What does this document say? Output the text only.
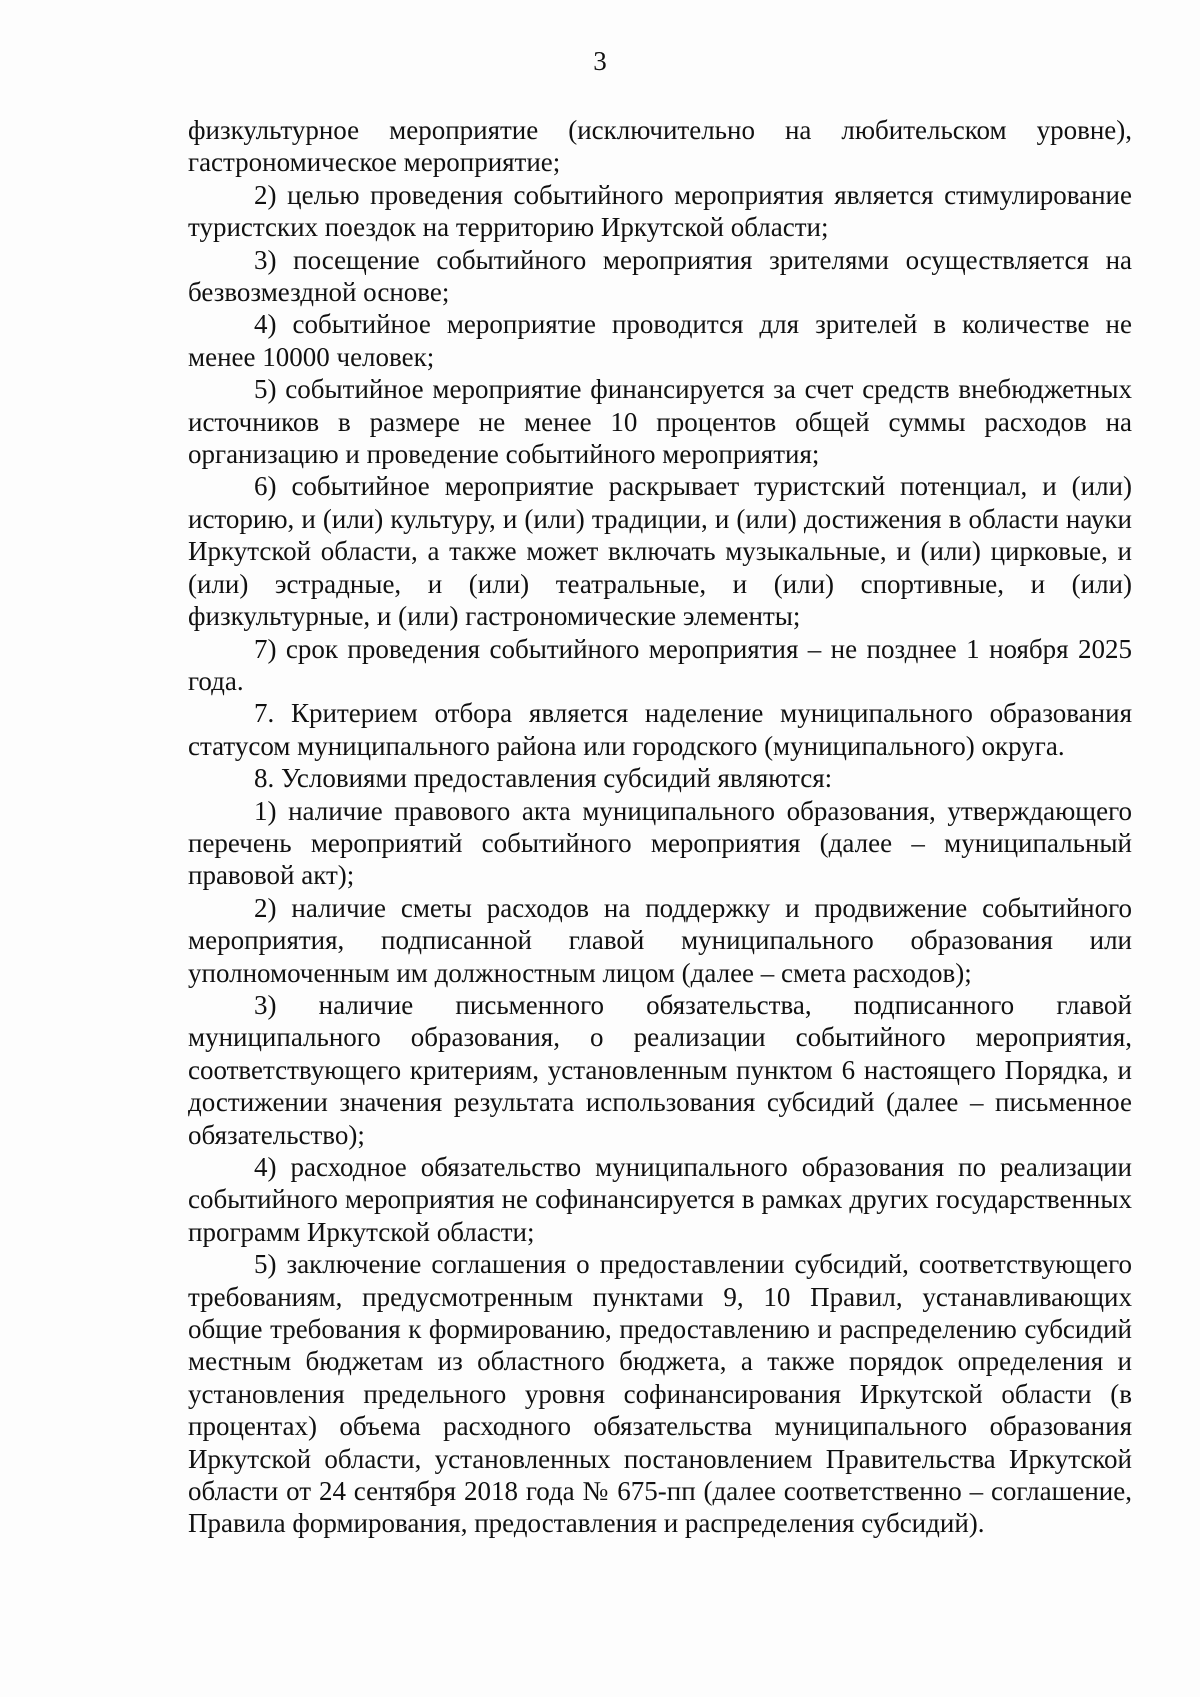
3

физкультурное мероприятие (исключительно на любительском уровне), гастрономическое мероприятие;

2) целью проведения событийного мероприятия является стимулирование туристских поездок на территорию Иркутской области;

3) посещение событийного мероприятия зрителями осуществляется на безвозмездной основе;

4) событийное мероприятие проводится для зрителей в количестве не менее 10000 человек;

5) событийное мероприятие финансируется за счет средств внебюджетных источников в размере не менее 10 процентов общей суммы расходов на организацию и проведение событийного мероприятия;

6) событийное мероприятие раскрывает туристский потенциал, и (или) историю, и (или) культуру, и (или) традиции, и (или) достижения в области науки Иркутской области, а также может включать музыкальные, и (или) цирковые, и (или) эстрадные, и (или) театральные, и (или) спортивные, и (или) физкультурные, и (или) гастрономические элементы;

7) срок проведения событийного мероприятия – не позднее 1 ноября 2025 года.

7. Критерием отбора является наделение муниципального образования статусом муниципального района или городского (муниципального) округа.

8. Условиями предоставления субсидий являются:

1) наличие правового акта муниципального образования, утверждающего перечень мероприятий событийного мероприятия (далее – муниципальный правовой акт);

2) наличие сметы расходов на поддержку и продвижение событийного мероприятия, подписанной главой муниципального образования или уполномоченным им должностным лицом (далее – смета расходов);

3) наличие письменного обязательства, подписанного главой муниципального образования, о реализации событийного мероприятия, соответствующего критериям, установленным пунктом 6 настоящего Порядка, и достижении значения результата использования субсидий (далее – письменное обязательство);

4) расходное обязательство муниципального образования по реализации событийного мероприятия не софинансируется в рамках других государственных программ Иркутской области;

5) заключение соглашения о предоставлении субсидий, соответствующего требованиям, предусмотренным пунктами 9, 10 Правил, устанавливающих общие требования к формированию, предоставлению и распределению субсидий местным бюджетам из областного бюджета, а также порядок определения и установления предельного уровня софинансирования Иркутской области (в процентах) объема расходного обязательства муниципального образования Иркутской области, установленных постановлением Правительства Иркутской области от 24 сентября 2018 года № 675-пп (далее соответственно – соглашение, Правила формирования, предоставления и распределения субсидий).
